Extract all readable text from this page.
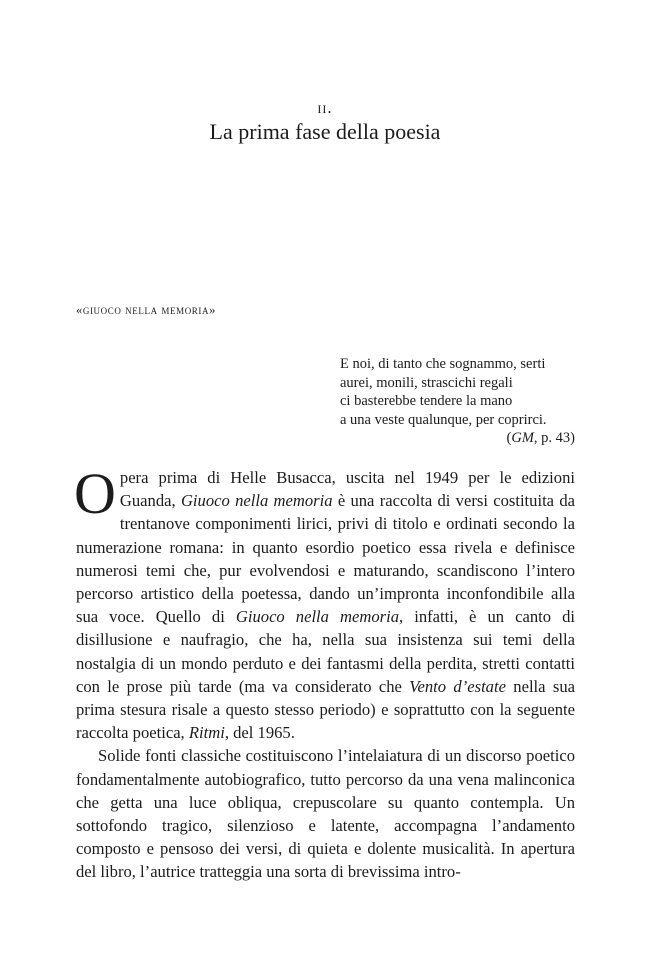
ii.
La prima fase della poesia
«giuoco nella memoria»
E noi, di tanto che sognammo, serti
aurei, monili, strascichi regali
ci basterebbe tendere la mano
a una veste qualunque, per coprirci.
(GM, p. 43)

Opera prima di Helle Busacca, uscita nel 1949 per le edizioni Guanda, Giuoco nella memoria è una raccolta di versi costituita da trentanove componimenti lirici, privi di titolo e ordinati secondo la numerazione romana: in quanto esordio poetico essa rivela e definisce numerosi temi che, pur evolvendosi e maturando, scandiscono l’intero percorso artistico della poetessa, dando un’impronta inconfondibile alla sua voce. Quello di Giuoco nella memoria, infatti, è un canto di disillusione e naufragio, che ha, nella sua insistenza sui temi della nostalgia di un mondo perduto e dei fantasmi della perdita, stretti contatti con le prose più tarde (ma va considerato che Vento d’estate nella sua prima stesura risale a questo stesso periodo) e soprattutto con la seguente raccolta poetica, Ritmi, del 1965.

Solide fonti classiche costituiscono l’intelaiatura di un discorso poetico fondamentalmente autobiografico, tutto percorso da una vena malinconica che getta una luce obliqua, crepuscolare su quanto contempla. Un sottofondo tragico, silenzioso e latente, accompagna l’andamento composto e pensoso dei versi, di quieta e dolente musicalità. In apertura del libro, l’autrice tratteggia una sorta di brevissima intro-
